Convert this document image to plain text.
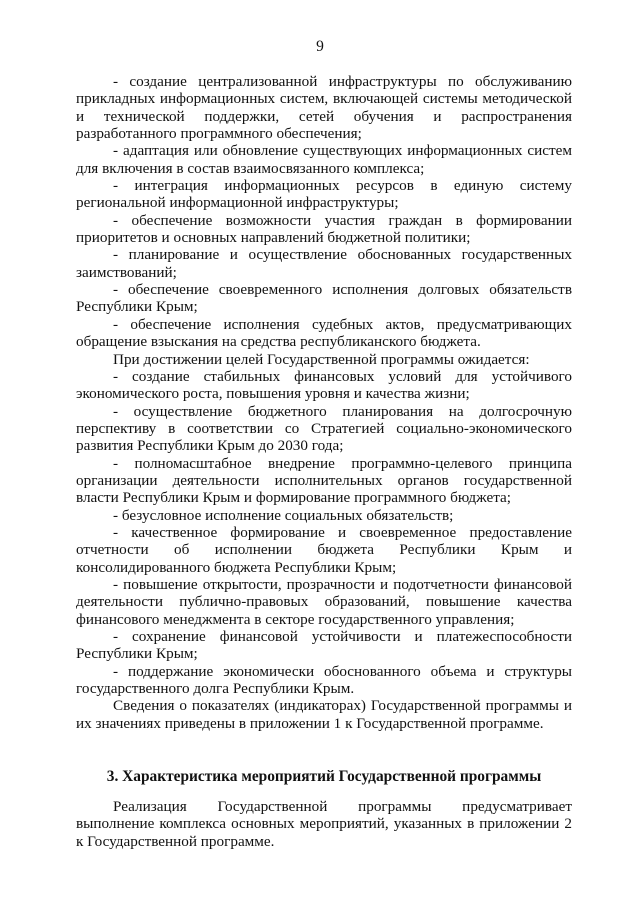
9

- создание централизованной инфраструктуры по обслуживанию прикладных информационных систем, включающей системы методической и технической поддержки, сетей обучения и распространения разработанного программного обеспечения;

- адаптация или обновление существующих информационных систем для включения в состав взаимосвязанного комплекса;

- интеграция информационных ресурсов в единую систему региональной информационной инфраструктуры;

- обеспечение возможности участия граждан в формировании приоритетов и основных направлений бюджетной политики;

- планирование и осуществление обоснованных государственных заимствований;

- обеспечение своевременного исполнения долговых обязательств Республики Крым;

- обеспечение исполнения судебных актов, предусматривающих обращение взыскания на средства республиканского бюджета.

При достижении целей Государственной программы ожидается:

- создание стабильных финансовых условий для устойчивого экономического роста, повышения уровня и качества жизни;

- осуществление бюджетного планирования на долгосрочную перспективу в соответствии со Стратегией социально-экономического развития Республики Крым до 2030 года;

- полномасштабное внедрение программно-целевого принципа организации деятельности исполнительных органов государственной власти Республики Крым и формирование программного бюджета;

- безусловное исполнение социальных обязательств;

- качественное формирование и своевременное предоставление отчетности об исполнении бюджета Республики Крым и консолидированного бюджета Республики Крым;

- повышение открытости, прозрачности и подотчетности финансовой деятельности публично-правовых образований, повышение качества финансового менеджмента в секторе государственного управления;

- сохранение финансовой устойчивости и платежеспособности Республики Крым;

- поддержание экономически обоснованного объема и структуры государственного долга Республики Крым.

Сведения о показателях (индикаторах) Государственной программы и их значениях приведены в приложении 1 к Государственной программе.

3. Характеристика мероприятий Государственной программы

Реализация Государственной программы предусматривает выполнение комплекса основных мероприятий, указанных в приложении 2 к Государственной программе.
